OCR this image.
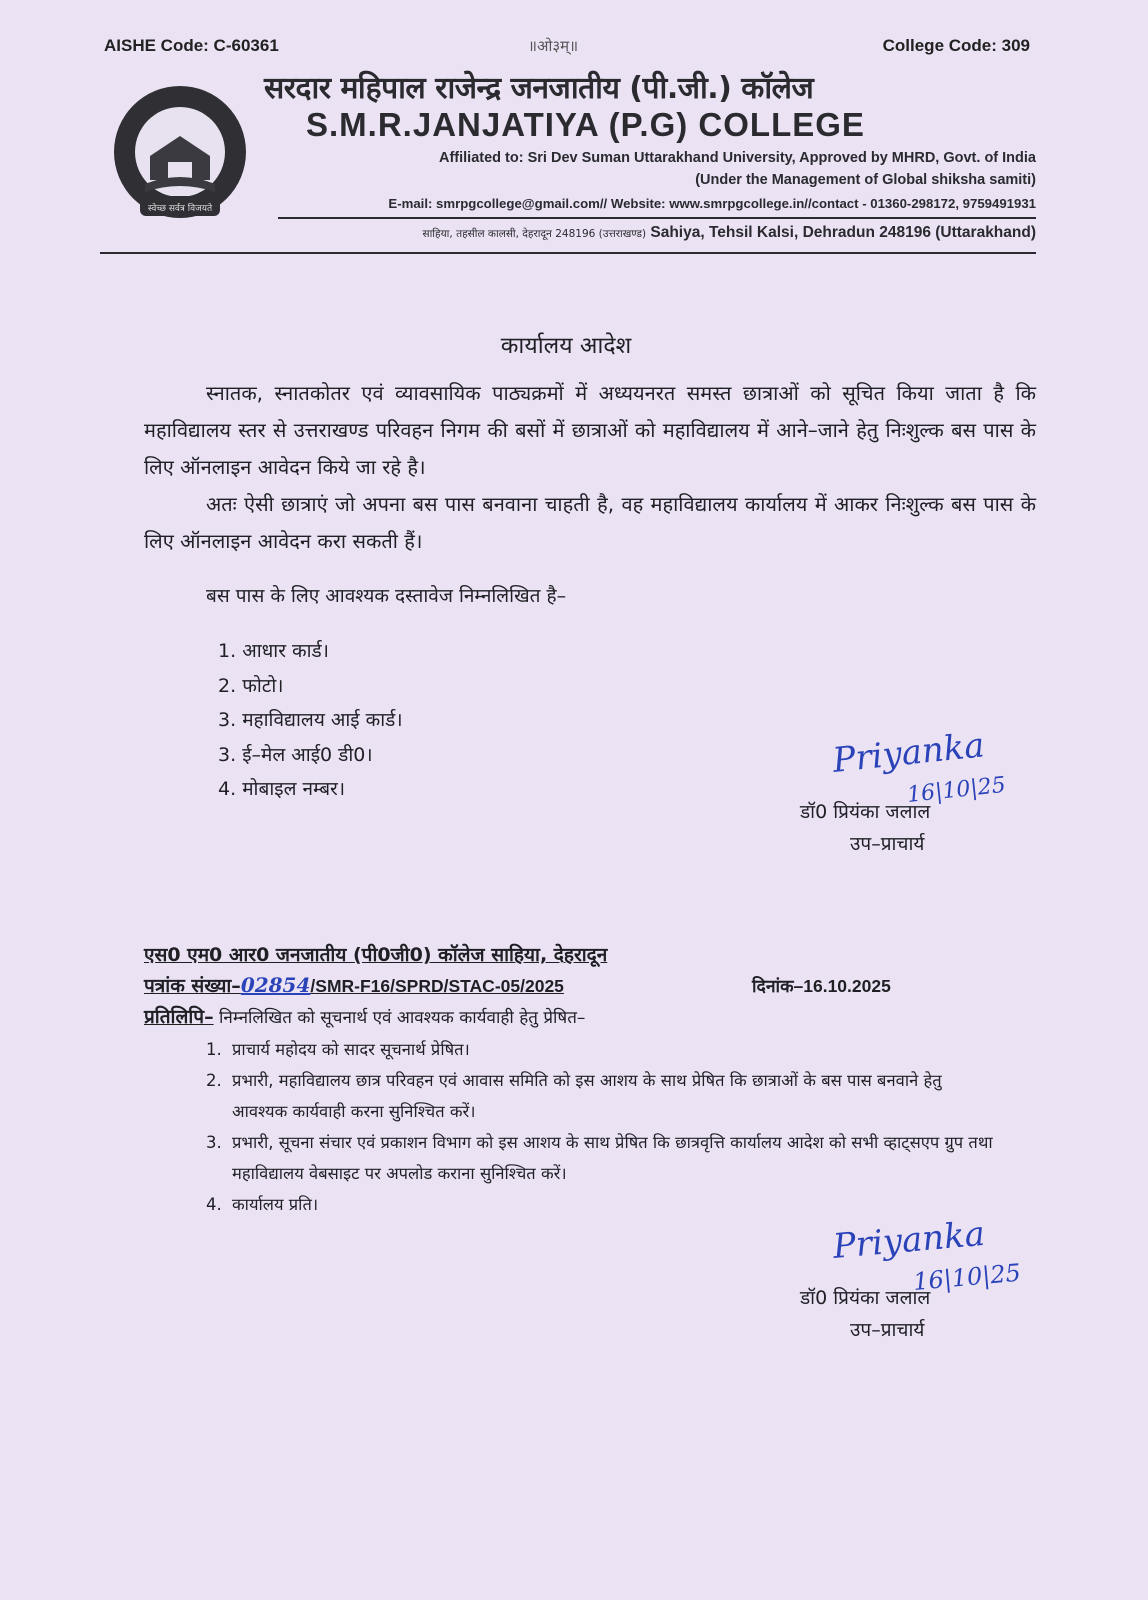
AISHE Code: C-60361	॥ओ३म्॥	College Code: 309
स्वेच्छ सर्वत्र विजयते
सरदार महिपाल राजेन्द्र जनजातीय (पी.जी.) कॉलेज
S.M.R.JANJATIYA (P.G) COLLEGE
Affiliated to: Sri Dev Suman Uttarakhand University, Approved by MHRD, Govt. of India
(Under the Management of Global shiksha samiti)
E-mail: smrpgcollege@gmail.com// Website: www.smrpgcollege.in//contact - 01360-298172, 9759491931
साहिया, तहसील कालसी, देहरादून 248196 (उत्तराखण्ड) Sahiya, Tehsil Kalsi, Dehradun 248196 (Uttarakhand)
कार्यालय आदेश
स्नातक, स्नातकोतर एवं व्यावसायिक पाठ्यक्रमों में अध्ययनरत समस्त छात्राओं को सूचित किया जाता है कि महाविद्यालय स्तर से उत्तराखण्ड परिवहन निगम की बसों में छात्राओं को महाविद्यालय में आने–जाने हेतु निःशुल्क बस पास के लिए ऑनलाइन आवेदन किये जा रहे है।
अतः ऐसी छात्राएं जो अपना बस पास बनवाना चाहती है, वह महाविद्यालय कार्यालय में आकर निःशुल्क बस पास के लिए ऑनलाइन आवेदन करा सकती हैं।
बस पास के लिए आवश्यक दस्तावेज निम्नलिखित है–
1. आधार कार्ड।
2. फोटो।
3. महाविद्यालय आई कार्ड।
3. ई–मेल आई0 डी0।
4. मोबाइल नम्बर।
Priyanka
16|10|25
डॉ0 प्रियंका जलाल
उप–प्राचार्य
एस0 एम0 आर0 जनजातीय (पी0जी0) कॉलेज साहिया, देहरादून
पत्रांक संख्या–02854/SMR-F16/SPRD/STAC-05/2025	दिनांक–16.10.2025
प्रतिलिपि– निम्नलिखित को सूचनार्थ एवं आवश्यक कार्यवाही हेतु प्रेषित–
1. प्राचार्य महोदय को सादर सूचनार्थ प्रेषित।
2. प्रभारी, महाविद्यालय छात्र परिवहन एवं आवास समिति को इस आशय के साथ प्रेषित कि छात्राओं के बस पास बनवाने हेतु आवश्यक कार्यवाही करना सुनिश्चित करें।
3. प्रभारी, सूचना संचार एवं प्रकाशन विभाग को इस आशय के साथ प्रेषित कि छात्रवृत्ति कार्यालय आदेश को सभी व्हाट्सएप ग्रुप तथा महाविद्यालय वेबसाइट पर अपलोड कराना सुनिश्चित करें।
4. कार्यालय प्रति।
Priyanka
16|10|25
डॉ0 प्रियंका जलाल
उप–प्राचार्य
